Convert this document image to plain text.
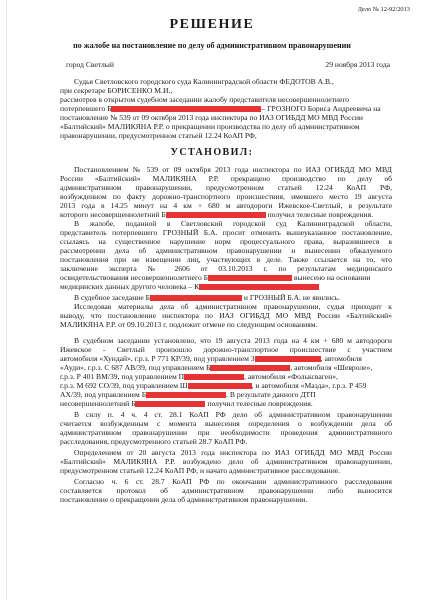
Дело № 12-92/2013
РЕШЕНИЕ
по жалобе на постановление по делу об административном правонарушении
город Светлый	29 ноября 2013 года
Судья Светловского городского суда Калининградской области ФЕДОТОВ А.В.,
при секретаре БОРИСЕНКО М.И.,
рассмотрев в открытом судебном заседании жалобу представителя несовершеннолетнего
потерпевшего Б	– ГРОЗНОГО Бориса Андреевича на
постановление № 539 от 09 октября 2013 года инспектора по ИАЗ ОГИБДД МО МВД России
«Балтийский» МАЛИКЯНА Р.Р. о прекращении производства по делу об административном
правонарушении, предусмотренном статьей 12.24 КоАП РФ,
УСТАНОВИЛ:
Постановлением № 539 от 09 октября 2013 года инспектора по ИАЗ ОГИБДД МО МВД
России «Балтийский» МАЛИКЯНА Р.Р. прекращено производство по делу об
административном правонарушении, предусмотренном статьей 12.24 КоАП РФ,
возбужденном по факту дорожно-транспортного происшествия, имевшего место 19 августа
2013 года в 14.25 минут на 4 км + 680 м автодороги Ижевское-Светлый, в результате
которого несовершеннолетний Б	получил телесные повреждения.
В жалобе, поданной в Светловский городской суд Калининградской области,
представитель потерпевшего ГРОЗНЫЙ Б.А. просит отменить вышеуказанное постановление,
ссылаясь на существенное нарушение норм процессуального права, выразившееся в
рассмотрении дела об административном правонарушении и вынесении обжалуемого
постановления при не извещении лиц, участвующих в деле. Также ссылается на то, что
заключение эксперта № 2606 от 03.10.2013 г. по результатам медицинского
освидетельствования несовершеннолетнего Б	вынесено на основании
медицинских данных другого человека – К
В судебное заседание Б	и ГРОЗНЫЙ Б.А. не явились.
Исследовав материалы дела об административном правонарушении, судья приходит к
выводу, что постановление инспектора по ИАЗ ОГИБДД МО МВД России «Балтийский»
МАЛИКЯНА Р.Р. от 09.10.2013 г. подлежит отмене по следующим основаниям.
В судебном заседании установлено, что 19 августа 2013 года на 4 км + 680 м автодороги
Ижевское - Светлый произошло дорожно-транспортное происшествие с участием
автомобиля «Хундай», г.р.з. Р 771 КР/39, под управлением З	, автомобиля
«Ауди», г.р.з. С 687 АВ/39, под управлением Б	, автомобиля «Шевроле»,
г.р.з. Р 401 ВМ/39, под управлением П	, автомобиля «Фольксваген»,
г.р.з. М 692 СО/39, под управлением Ш	, и автомобиля «Мазда», г.р.з. Р 459
АХ/39, под управлением Б	. В результате данного ДТП
несовершеннолетний Б	получил телесные повреждения.
В силу п. 4 ч. 4 ст. 28.1 КоАП РФ дело об административном правонарушении
считается возбужденным с момента вынесения определения о возбуждении дела об
административном правонарушении при необходимости проведения административного
расследования, предусмотренного статьей 28.7 КоАП РФ.
Определением от 20 августа 2013 года инспектора по ИАЗ ОГИБДД МО МВД России
«Балтийский» МАЛИКЯНА Р.Р. возбуждено дело об административном правонарушении,
предусмотренном статьей 12.24 КоАП РФ, и начато административное расследование.
Согласно ч. 6 ст. 28.7 КоАП РФ по окончании административного расследования
составляется протокол об административном правонарушении либо выносится
постановление о прекращении дела об административном правонарушении.
